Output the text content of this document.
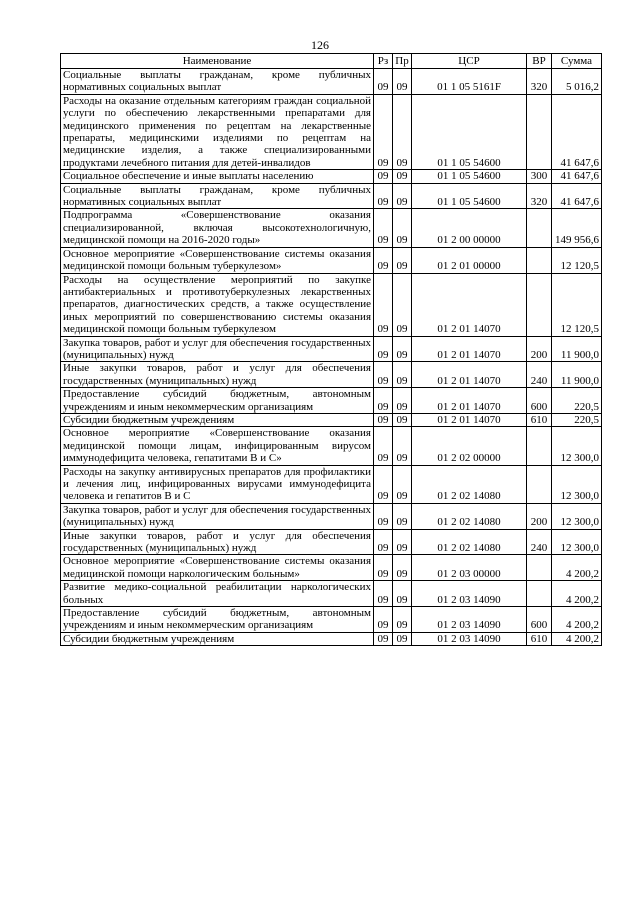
126
Наименование	Рз	Пр	ЦСР	ВР	Сумма
Социальные выплаты гражданам, кроме публичных нормативных социальных выплат	09	09	01 1 05 5161F	320	5 016,2
Расходы на оказание отдельным категориям граждан социальной услуги по обеспечению лекарственными препаратами для медицинского применения по рецептам на лекарственные препараты, медицинскими изделиями по рецептам на медицинские изделия, а также специализированными продуктами лечебного питания для детей-инвалидов	09	09	01 1 05 54600		41 647,6
Социальное обеспечение и иные выплаты населению	09	09	01 1 05 54600	300	41 647,6
Социальные выплаты гражданам, кроме публичных нормативных социальных выплат	09	09	01 1 05 54600	320	41 647,6
Подпрограмма «Совершенствование оказания специализированной, включая высокотехнологичную, медицинской помощи на 2016-2020 годы»	09	09	01 2 00 00000		149 956,6
Основное мероприятие «Совершенствование системы оказания медицинской помощи больным туберкулезом»	09	09	01 2 01 00000		12 120,5
Расходы на осуществление мероприятий по закупке антибактериальных и противотуберкулезных лекарственных препаратов, диагностических средств, а также осуществление иных мероприятий по совершенствованию системы оказания медицинской помощи больным туберкулезом	09	09	01 2 01 14070		12 120,5
Закупка товаров, работ и услуг для обеспечения государственных (муниципальных) нужд	09	09	01 2 01 14070	200	11 900,0
Иные закупки товаров, работ и услуг для обеспечения государственных (муниципальных) нужд	09	09	01 2 01 14070	240	11 900,0
Предоставление субсидий бюджетным, автономным учреждениям и иным некоммерческим организациям	09	09	01 2 01 14070	600	220,5
Субсидии бюджетным учреждениям	09	09	01 2 01 14070	610	220,5
Основное мероприятие «Совершенствование оказания медицинской помощи лицам, инфицированным вирусом иммунодефицита человека, гепатитами B и C»	09	09	01 2 02 00000		12 300,0
Расходы на закупку антивирусных препаратов для профилактики и лечения лиц, инфицированных вирусами иммунодефицита человека и гепатитов B и C	09	09	01 2 02 14080		12 300,0
Закупка товаров, работ и услуг для обеспечения государственных (муниципальных) нужд	09	09	01 2 02 14080	200	12 300,0
Иные закупки товаров, работ и услуг для обеспечения государственных (муниципальных) нужд	09	09	01 2 02 14080	240	12 300,0
Основное мероприятие «Совершенствование системы оказания медицинской помощи наркологическим больным»	09	09	01 2 03 00000		4 200,2
Развитие медико-социальной реабилитации наркологических больных	09	09	01 2 03 14090		4 200,2
Предоставление субсидий бюджетным, автономным учреждениям и иным некоммерческим организациям	09	09	01 2 03 14090	600	4 200,2
Субсидии бюджетным учреждениям	09	09	01 2 03 14090	610	4 200,2
